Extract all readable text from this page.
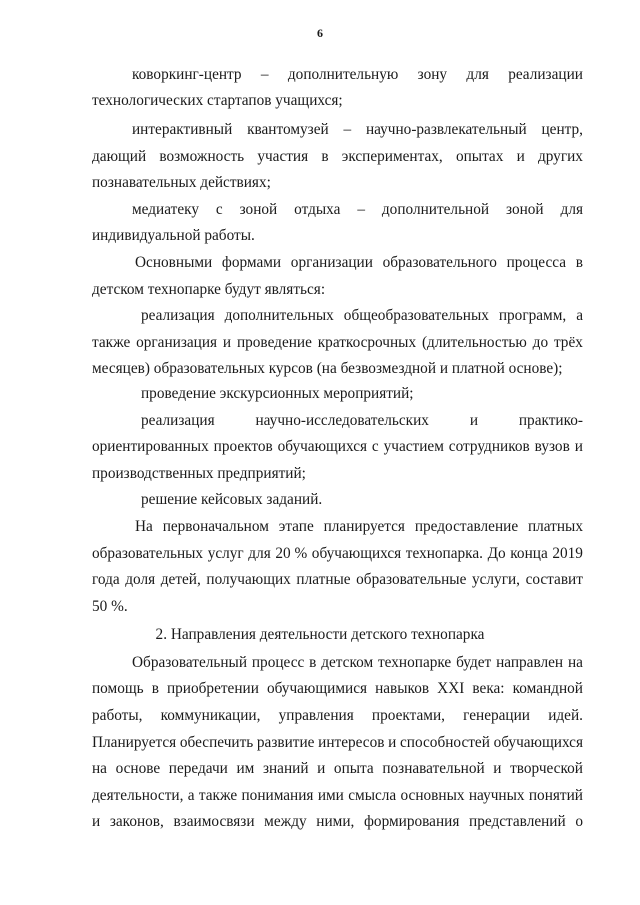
6
коворкинг-центр – дополнительную зону для реализации
технологических стартапов учащихся;
интерактивный квантомузей – научно-развлекательный центр,
дающий возможность участия в экспериментах, опытах и других
познавательных действиях;
медиатеку с зоной отдыха – дополнительной зоной для
индивидуальной работы.
Основными формами организации образовательного процесса в
детском технопарке будут являться:
реализация дополнительных общеобразовательных программ, а
также организация и проведение краткосрочных (длительностью до трёх
месяцев) образовательных курсов (на безвозмездной и платной основе);
проведение экскурсионных мероприятий;
реализация	научно-исследовательских	и	практико-
ориентированных проектов обучающихся с участием сотрудников вузов и
производственных предприятий;
решение кейсовых заданий.
На первоначальном этапе планируется предоставление платных
образовательных услуг для 20 % обучающихся технопарка. До конца 2019
года доля детей, получающих платные образовательные услуги, составит
50 %.
2. Направления деятельности детского технопарка
Образовательный процесс в детском технопарке будет направлен на
помощь в приобретении обучающимися навыков XXI века: командной
работы, коммуникации, управления проектами, генерации идей.
Планируется обеспечить развитие интересов и способностей обучающихся
на основе передачи им знаний и опыта познавательной и творческой
деятельности, а также понимания ими смысла основных научных понятий
и законов, взаимосвязи между ними, формирования представлений о
